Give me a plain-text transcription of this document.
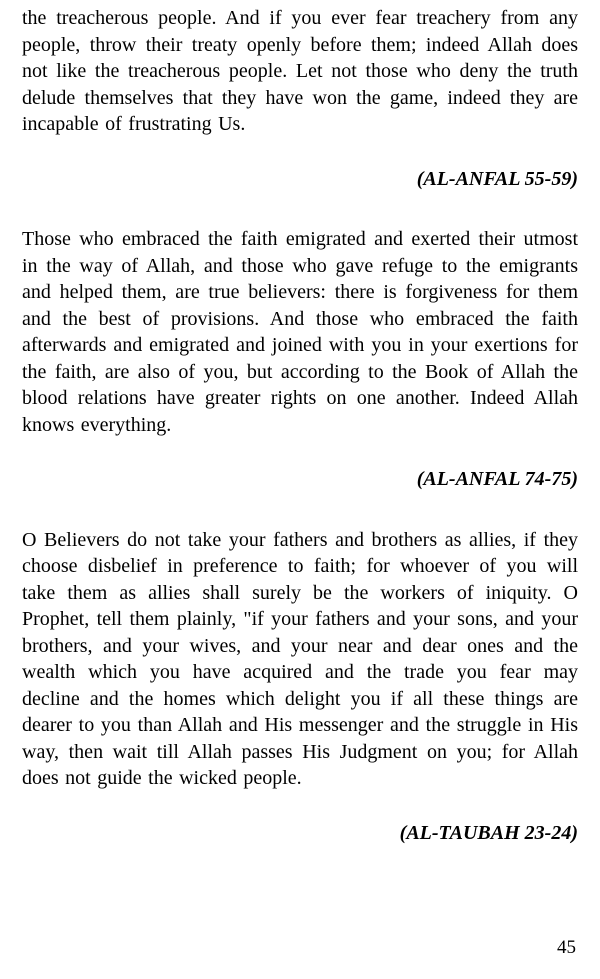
the treacherous people. And if you ever fear treachery from any people, throw their treaty openly before them; indeed Allah does not like the treacherous people. Let not those who deny the truth delude themselves that they have won the game, indeed they are incapable of frustrating Us.

(AL-ANFAL 55-59)

Those who embraced the faith emigrated and exerted their utmost in the way of Allah, and those who gave refuge to the emigrants and helped them, are true believers: there is forgiveness for them and the best of provisions. And those who embraced the faith afterwards and emigrated and joined with you in your exertions for the faith, are also of you, but according to the Book of Allah the blood relations have greater rights on one another. Indeed Allah knows everything.

(AL-ANFAL 74-75)

O Believers do not take your fathers and brothers as allies, if they choose disbelief in preference to faith; for whoever of you will take them as allies shall surely be the workers of iniquity. O Prophet, tell them plainly, "if your fathers and your sons, and your brothers, and your wives, and your near and dear ones and the wealth which you have acquired and the trade you fear may decline and the homes which delight you if all these things are dearer to you than Allah and His messenger and the struggle in His way, then wait till Allah passes His Judgment on you; for Allah does not guide the wicked people.

(AL-TAUBAH 23-24)

45
